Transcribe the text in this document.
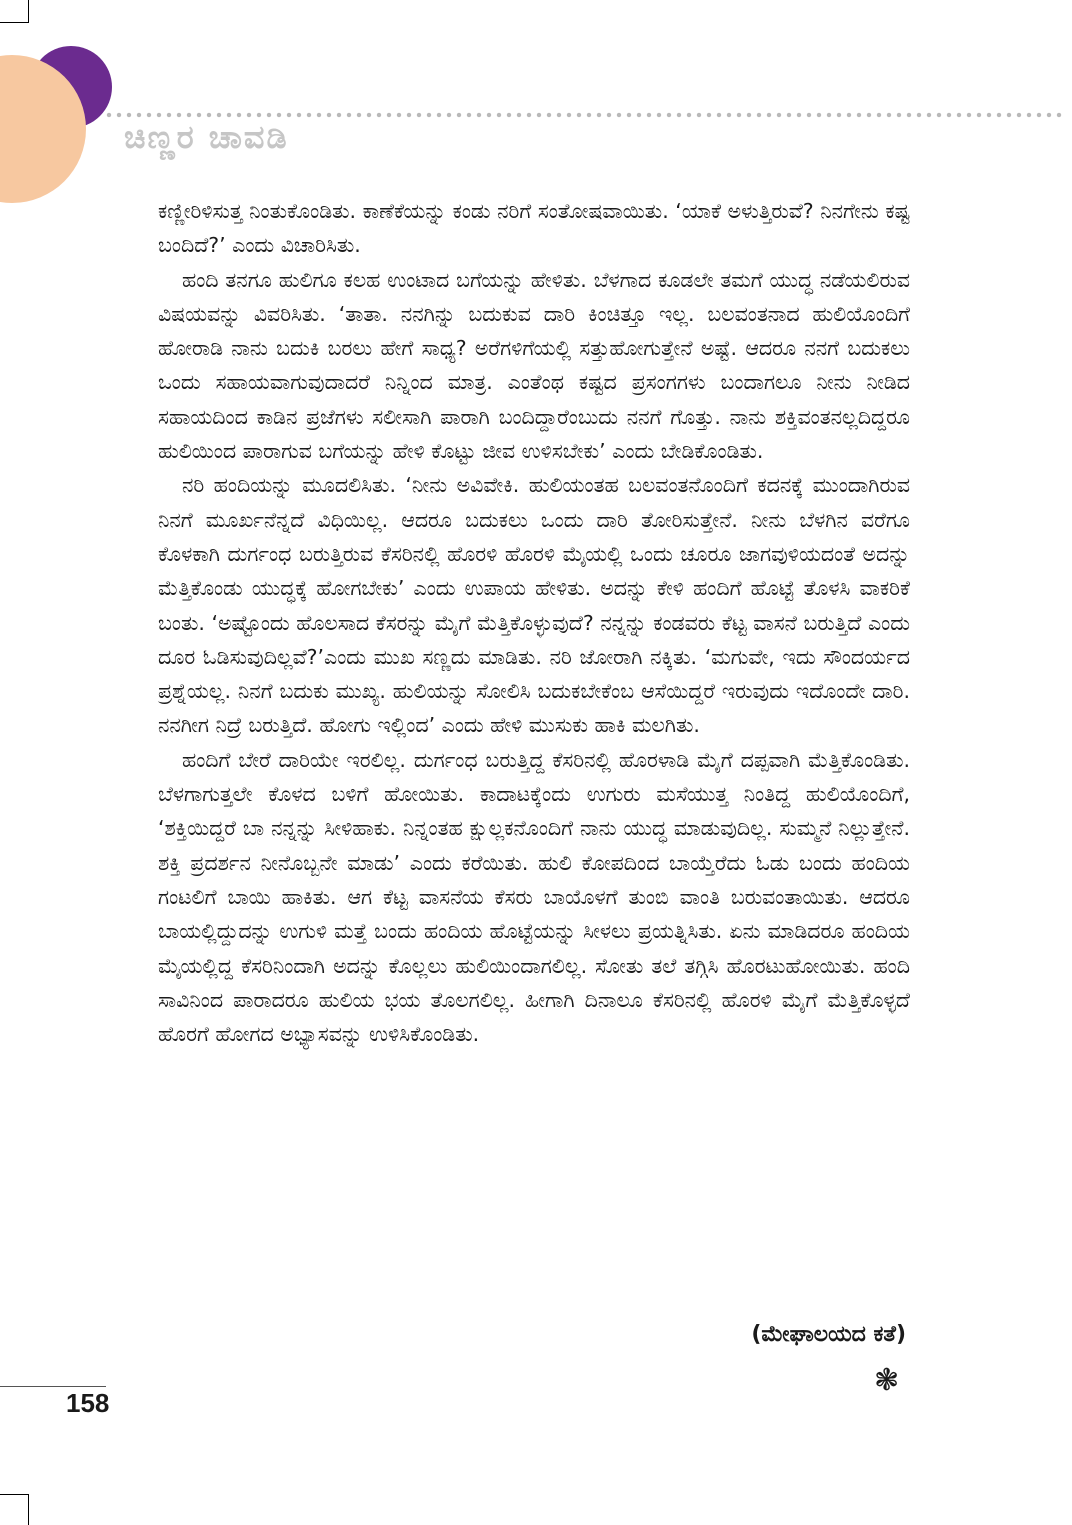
ಚಿಣ್ಣರ ಚಾವಡಿ

ಕಣ್ಣೀರಿಳಿಸುತ್ತ ನಿಂತುಕೊಂಡಿತು. ಕಾಣೆಕೆಯನ್ನು ಕಂಡು ನರಿಗೆ ಸಂತೋಷವಾಯಿತು. ‘ಯಾಕೆ ಅಳುತ್ತಿರುವೆ? ನಿನಗೇನು ಕಷ್ಟ ಬಂದಿದೆ?’ ಎಂದು ವಿಚಾರಿಸಿತು.

ಹಂದಿ ತನಗೂ ಹುಲಿಗೂ ಕಲಹ ಉಂಟಾದ ಬಗೆಯನ್ನು ಹೇಳಿತು. ಬೆಳಗಾದ ಕೂಡಲೇ ತಮಗೆ ಯುದ್ಧ ನಡೆಯಲಿರುವ ವಿಷಯವನ್ನು ವಿವರಿಸಿತು. ‘ತಾತಾ. ನನಗಿನ್ನು ಬದುಕುವ ದಾರಿ ಕಿಂಚಿತ್ತೂ ಇಲ್ಲ. ಬಲವಂತನಾದ ಹುಲಿಯೊಂದಿಗೆ ಹೋರಾಡಿ ನಾನು ಬದುಕಿ ಬರಲು ಹೇಗೆ ಸಾಧ್ಯ? ಅರೆಗಳಿಗೆಯಲ್ಲಿ ಸತ್ತುಹೋಗುತ್ತೇನೆ ಅಷ್ಟೆ. ಆದರೂ ನನಗೆ ಬದುಕಲು ಒಂದು ಸಹಾಯವಾಗುವುದಾದರೆ ನಿನ್ನಿಂದ ಮಾತ್ರ. ಎಂತೆಂಥ ಕಷ್ಟದ ಪ್ರಸಂಗಗಳು ಬಂದಾಗಲೂ ನೀನು ನೀಡಿದ ಸಹಾಯದಿಂದ ಕಾಡಿನ ಪ್ರಜೆಗಳು ಸಲೀಸಾಗಿ ಪಾರಾಗಿ ಬಂದಿದ್ದಾರೆಂಬುದು ನನಗೆ ಗೊತ್ತು. ನಾನು ಶಕ್ತಿವಂತನಲ್ಲದಿದ್ದರೂ ಹುಲಿಯಿಂದ ಪಾರಾಗುವ ಬಗೆಯನ್ನು ಹೇಳಿ ಕೊಟ್ಟು ಜೀವ ಉಳಿಸಬೇಕು’ ಎಂದು ಬೇಡಿಕೊಂಡಿತು.

ನರಿ ಹಂದಿಯನ್ನು ಮೂದಲಿಸಿತು. ‘ನೀನು ಅವಿವೇಕಿ. ಹುಲಿಯಂತಹ ಬಲವಂತನೊಂದಿಗೆ ಕದನಕ್ಕೆ ಮುಂದಾಗಿರುವ ನಿನಗೆ ಮೂರ್ಖನೆನ್ನದೆ ವಿಧಿಯಿಲ್ಲ. ಆದರೂ ಬದುಕಲು ಒಂದು ದಾರಿ ತೋರಿಸುತ್ತೇನೆ. ನೀನು ಬೆಳಗಿನ ವರೆಗೂ ಕೊಳಕಾಗಿ ದುರ್ಗಂಧ ಬರುತ್ತಿರುವ ಕೆಸರಿನಲ್ಲಿ ಹೊರಳಿ ಹೊರಳಿ ಮೈಯಲ್ಲಿ ಒಂದು ಚೂರೂ ಜಾಗವುಳಿಯದಂತೆ ಅದನ್ನು ಮೆತ್ತಿಕೊಂಡು ಯುದ್ಧಕ್ಕೆ ಹೋಗಬೇಕು’ ಎಂದು ಉಪಾಯ ಹೇಳಿತು. ಅದನ್ನು ಕೇಳಿ ಹಂದಿಗೆ ಹೊಟ್ಟೆ ತೊಳಸಿ ವಾಕರಿಕೆ ಬಂತು. ‘ಅಷ್ಟೊಂದು ಹೊಲಸಾದ ಕೆಸರನ್ನು ಮೈಗೆ ಮೆತ್ತಿಕೊಳ್ಳುವುದೆ? ನನ್ನನ್ನು ಕಂಡವರು ಕೆಟ್ಟ ವಾಸನೆ ಬರುತ್ತಿದೆ ಎಂದು ದೂರ ಓಡಿಸುವುದಿಲ್ಲವೆ?’ಎಂದು ಮುಖ ಸಣ್ಣದು ಮಾಡಿತು. ನರಿ ಜೋರಾಗಿ ನಕ್ಕಿತು. ‘ಮಗುವೇ, ಇದು ಸೌಂದರ್ಯದ ಪ್ರಶ್ನೆಯಲ್ಲ. ನಿನಗೆ ಬದುಕು ಮುಖ್ಯ. ಹುಲಿಯನ್ನು ಸೋಲಿಸಿ ಬದುಕಬೇಕೆಂಬ ಆಸೆಯಿದ್ದರೆ ಇರುವುದು ಇದೊಂದೇ ದಾರಿ. ನನಗೀಗ ನಿದ್ರೆ ಬರುತ್ತಿದೆ. ಹೋಗು ಇಲ್ಲಿಂದ’ ಎಂದು ಹೇಳಿ ಮುಸುಕು ಹಾಕಿ ಮಲಗಿತು.

ಹಂದಿಗೆ ಬೇರೆ ದಾರಿಯೇ ಇರಲಿಲ್ಲ. ದುರ್ಗಂಧ ಬರುತ್ತಿದ್ದ ಕೆಸರಿನಲ್ಲಿ ಹೊರಳಾಡಿ ಮೈಗೆ ದಪ್ಪವಾಗಿ ಮೆತ್ತಿಕೊಂಡಿತು. ಬೆಳಗಾಗುತ್ತಲೇ ಕೊಳದ ಬಳಿಗೆ ಹೋಯಿತು. ಕಾದಾಟಕ್ಕೆಂದು ಉಗುರು ಮಸೆಯುತ್ತ ನಿಂತಿದ್ದ ಹುಲಿಯೊಂದಿಗೆ, ‘ಶಕ್ತಿಯಿದ್ದರೆ ಬಾ ನನ್ನನ್ನು ಸೀಳಿಹಾಕು. ನಿನ್ನಂತಹ ಕ್ಷುಲ್ಲಕನೊಂದಿಗೆ ನಾನು ಯುದ್ಧ ಮಾಡುವುದಿಲ್ಲ. ಸುಮ್ಮನೆ ನಿಲ್ಲುತ್ತೇನೆ. ಶಕ್ತಿ ಪ್ರದರ್ಶನ ನೀನೊಬ್ಬನೇ ಮಾಡು’ ಎಂದು ಕರೆಯಿತು. ಹುಲಿ ಕೋಪದಿಂದ ಬಾಯ್ತೆರೆದು ಓಡು ಬಂದು ಹಂದಿಯ ಗಂಟಲಿಗೆ ಬಾಯಿ ಹಾಕಿತು. ಆಗ ಕೆಟ್ಟ ವಾಸನೆಯ ಕೆಸರು ಬಾಯೊಳಗೆ ತುಂಬಿ ವಾಂತಿ ಬರುವಂತಾಯಿತು. ಆದರೂ ಬಾಯಲ್ಲಿದ್ದುದನ್ನು ಉಗುಳಿ ಮತ್ತೆ ಬಂದು ಹಂದಿಯ ಹೊಟ್ಟೆಯನ್ನು ಸೀಳಲು ಪ್ರಯತ್ನಿಸಿತು. ಏನು ಮಾಡಿದರೂ ಹಂದಿಯ ಮೈಯಲ್ಲಿದ್ದ ಕೆಸರಿನಿಂದಾಗಿ ಅದನ್ನು ಕೊಲ್ಲಲು ಹುಲಿಯಿಂದಾಗಲಿಲ್ಲ. ಸೋತು ತಲೆ ತಗ್ಗಿಸಿ ಹೊರಟುಹೋಯಿತು. ಹಂದಿ ಸಾವಿನಿಂದ ಪಾರಾದರೂ ಹುಲಿಯ ಭಯ ತೊಲಗಲಿಲ್ಲ. ಹೀಗಾಗಿ ದಿನಾಲೂ ಕೆಸರಿನಲ್ಲಿ ಹೊರಳಿ ಮೈಗೆ ಮೆತ್ತಿಕೊಳ್ಳದೆ ಹೊರಗೆ ಹೋಗದ ಅಭ್ಯಾಸವನ್ನು ಉಳಿಸಿಕೊಂಡಿತು.

(ಮೇಘಾಲಯದ ಕತೆ)
❃
158
